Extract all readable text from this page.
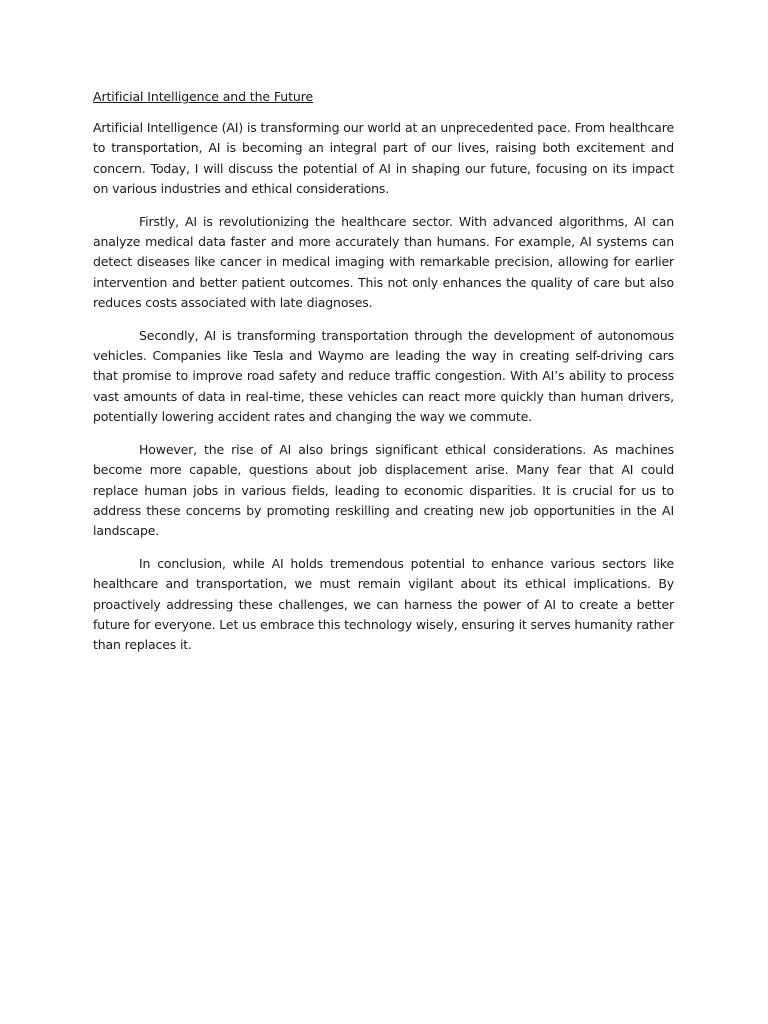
Artificial Intelligence and the Future

Artificial Intelligence (AI) is transforming our world at an unprecedented pace. From healthcare to transportation, AI is becoming an integral part of our lives, raising both excitement and concern. Today, I will discuss the potential of AI in shaping our future, focusing on its impact on various industries and ethical considerations.

Firstly, AI is revolutionizing the healthcare sector. With advanced algorithms, AI can analyze medical data faster and more accurately than humans. For example, AI systems can detect diseases like cancer in medical imaging with remarkable precision, allowing for earlier intervention and better patient outcomes. This not only enhances the quality of care but also reduces costs associated with late diagnoses.

Secondly, AI is transforming transportation through the development of autonomous vehicles. Companies like Tesla and Waymo are leading the way in creating self-driving cars that promise to improve road safety and reduce traffic congestion. With AI’s ability to process vast amounts of data in real-time, these vehicles can react more quickly than human drivers, potentially lowering accident rates and changing the way we commute.

However, the rise of AI also brings significant ethical considerations. As machines become more capable, questions about job displacement arise. Many fear that AI could replace human jobs in various fields, leading to economic disparities. It is crucial for us to address these concerns by promoting reskilling and creating new job opportunities in the AI landscape.

In conclusion, while AI holds tremendous potential to enhance various sectors like healthcare and transportation, we must remain vigilant about its ethical implications. By proactively addressing these challenges, we can harness the power of AI to create a better future for everyone. Let us embrace this technology wisely, ensuring it serves humanity rather than replaces it.
